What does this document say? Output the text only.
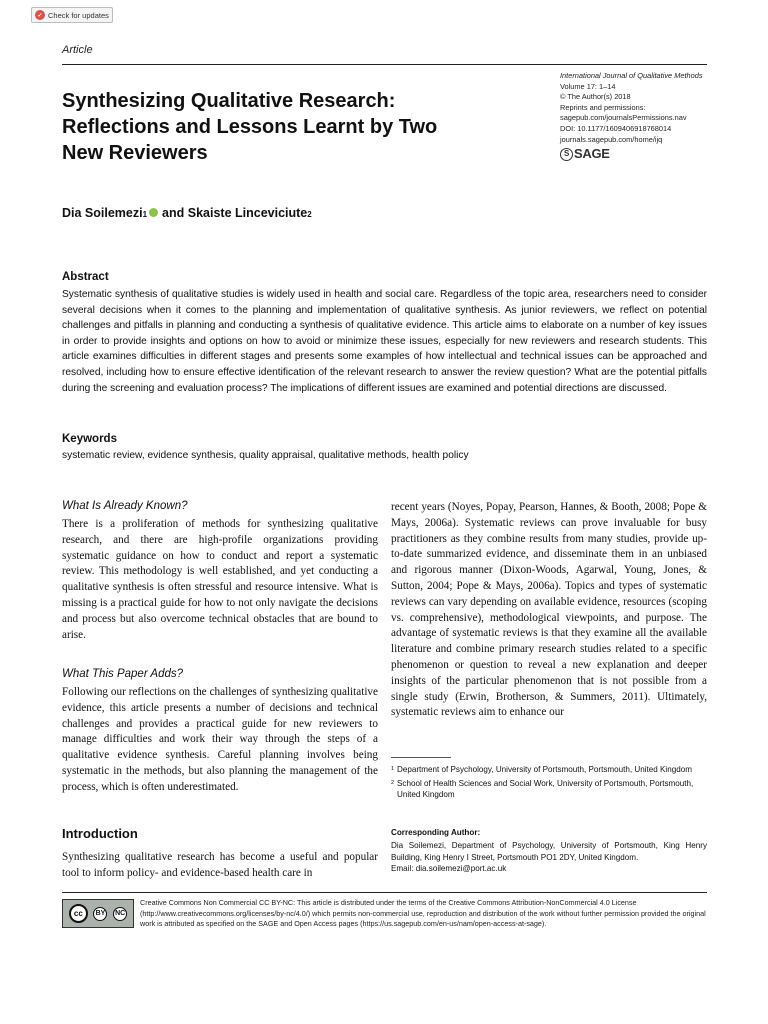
✓ Check for updates
Article
Synthesizing Qualitative Research: Reflections and Lessons Learnt by Two New Reviewers
International Journal of Qualitative Methods
Volume 17: 1–14
© The Author(s) 2018
Reprints and permissions:
sagepub.com/journalsPermissions.nav
DOI: 10.1177/1609406918768014
journals.sagepub.com/home/ijq
S SAGE
Dia Soilemezi 1 and Skaiste Linceviciute 2
Abstract

Systematic synthesis of qualitative studies is widely used in health and social care. Regardless of the topic area, researchers need to consider several decisions when it comes to the planning and implementation of qualitative synthesis. As junior reviewers, we reflect on potential challenges and pitfalls in planning and conducting a synthesis of qualitative evidence. This article aims to elaborate on a number of key issues in order to provide insights and options on how to avoid or minimize these issues, especially for new reviewers and research students. This article examines difficulties in different stages and presents some examples of how intellectual and technical issues can be approached and resolved, including how to ensure effective identification of the relevant research to answer the review question? What are the potential pitfalls during the screening and evaluation process? The implications of different issues are examined and potential directions are discussed.

Keywords
systematic review, evidence synthesis, quality appraisal, qualitative methods, health policy
What Is Already Known?

There is a proliferation of methods for synthesizing qualitative research, and there are high-profile organizations providing systematic guidance on how to conduct and report a systematic review. This methodology is well established, and yet conducting a qualitative synthesis is often stressful and resource intensive. What is missing is a practical guide for how to not only navigate the decisions and process but also overcome technical obstacles that are bound to arise.

What This Paper Adds?

Following our reflections on the challenges of synthesizing qualitative evidence, this article presents a number of decisions and technical challenges and provides a practical guide for new reviewers to manage difficulties and work their way through the steps of a qualitative evidence synthesis. Careful planning involves being systematic in the methods, but also planning the management of the process, which is often underestimated.

Introduction

Synthesizing qualitative research has become a useful and popular tool to inform policy- and evidence-based health care in

recent years (Noyes, Popay, Pearson, Hannes, & Booth, 2008; Pope & Mays, 2006a). Systematic reviews can prove invaluable for busy practitioners as they combine results from many studies, provide up-to-date summarized evidence, and disseminate them in an unbiased and rigorous manner (Dixon-Woods, Agarwal, Young, Jones, & Sutton, 2004; Pope & Mays, 2006a). Topics and types of systematic reviews can vary depending on available evidence, resources (scoping vs. comprehensive), methodological viewpoints, and purpose. The advantage of systematic reviews is that they examine all the available literature and combine primary research studies related to a specific phenomenon or question to reveal a new explanation and deeper insights of the particular phenomenon that is not possible from a single study (Erwin, Brotherson, & Summers, 2011). Ultimately, systematic reviews aim to enhance our

1 Department of Psychology, University of Portsmouth, Portsmouth, United Kingdom
2 School of Health Sciences and Social Work, University of Portsmouth, Portsmouth, United Kingdom
Corresponding Author:
Dia Soilemezi, Department of Psychology, University of Portsmouth, King Henry Building, King Henry I Street, Portsmouth PO1 2DY, United Kingdom.
Email: dia.soilemezi@port.ac.uk
cc	BY	NC

Creative Commons Non Commercial CC BY-NC: This article is distributed under the terms of the Creative Commons Attribution-NonCommercial 4.0 License (http://www.creativecommons.org/licenses/by-nc/4.0/) which permits non-commercial use, reproduction and distribution of the work without further permission provided the original work is attributed as specified on the SAGE and Open Access pages (https://us.sagepub.com/en-us/nam/open-access-at-sage).
